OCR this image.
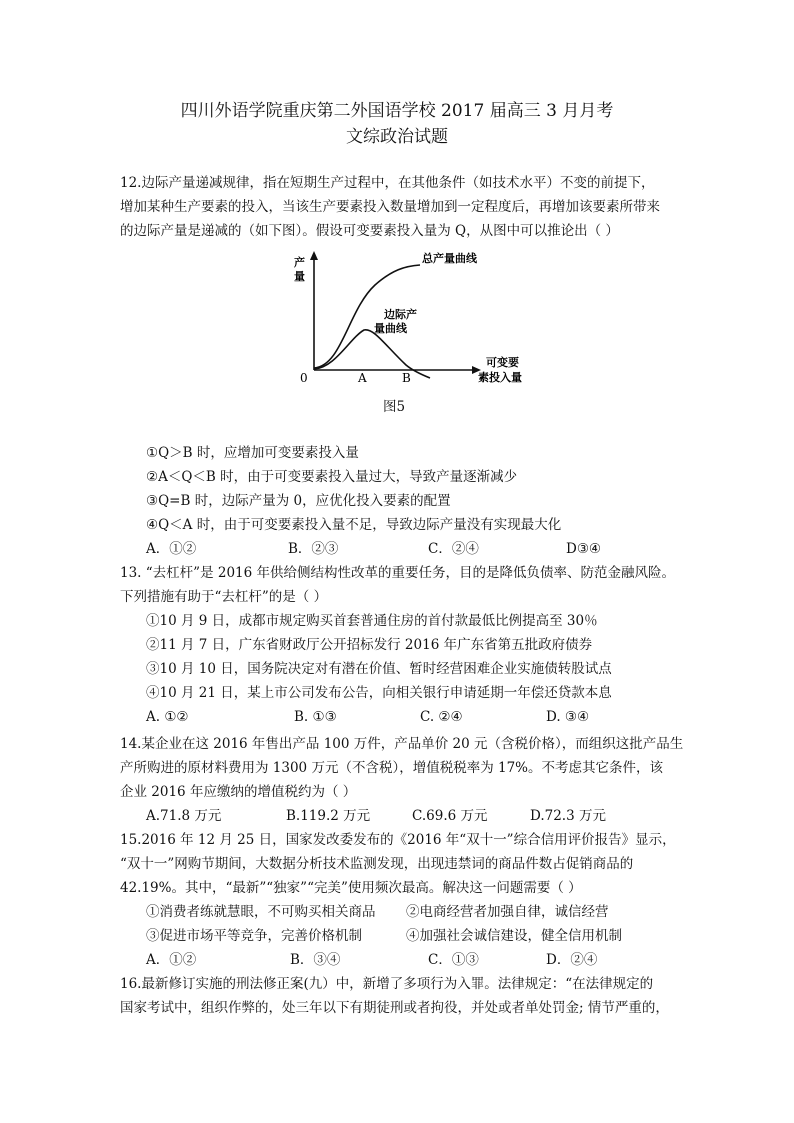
四川外语学院重庆第二外国语学校 2017 届高三 3 月月考
文综政治试题
12.边际产量递减规律，指在短期生产过程中，在其他条件（如技术水平）不变的前提下，
增加某种生产要素的投入，当该生产要素投入数量增加到一定程度后，再增加该要素所带来
的边际产量是递减的（如下图）。假设可变要素投入量为 Q，从图中可以推论出（ ）
产
量
总产量曲线
边际产
量曲线
可变要
素投入量
0	A	B
图5
①Q＞B 时，应增加可变要素投入量
②A＜Q＜B 时，由于可变要素投入量过大，导致产量逐渐减少
③Q=B 时，边际产量为 0，应优化投入要素的配置
④Q＜A 时，由于可变要素投入量不足，导致边际产量没有实现最大化
A．①②	B．②③	C．②④	D③④
13. “去杠杆”是 2016 年供给侧结构性改革的重要任务，目的是降低负债率、防范金融风险。
下列措施有助于“去杠杆”的是（ ）
①10 月 9 日，成都市规定购买首套普通住房的首付款最低比例提高至 30％
②11 月 7 日，广东省财政厅公开招标发行 2016 年广东省第五批政府债券
③10 月 10 日，国务院决定对有潜在价值、暂时经营困难企业实施债转股试点
④10 月 21 日，某上市公司发布公告，向相关银行申请延期一年偿还贷款本息
A. ①②	B. ①③	C. ②④	D. ③④
14.某企业在这 2016 年售出产品 100 万件，产品单价 20 元（含税价格），而组织这批产品生
产所购进的原材料费用为 1300 万元（不含税），增值税税率为 17%。不考虑其它条件，该
企业 2016 年应缴纳的增值税约为（ ）
A.71.8 万元	B.119.2 万元	C.69.6 万元	D.72.3 万元
15.2016 年 12 月 25 日，国家发改委发布的《2016 年“双十一”综合信用评价报告》显示，
“双十一”网购节期间，大数据分析技术监测发现，出现违禁词的商品件数占促销商品的
42.19%。其中，“最新”“独家”“完美”使用频次最高。解决这一问题需要（ ）
①消费者练就慧眼，不可购买相关商品 ②电商经营者加强自律，诚信经营
③促进市场平等竞争，完善价格机制	④加强社会诚信建设，健全信用机制
A．①②	B．③④	C．①③	D．②④
16.最新修订实施的刑法修正案(九）中，新增了多项行为入罪。法律规定：“在法律规定的
国家考试中，组织作弊的，处三年以下有期徒刑或者拘役，并处或者单处罚金; 情节严重的，
